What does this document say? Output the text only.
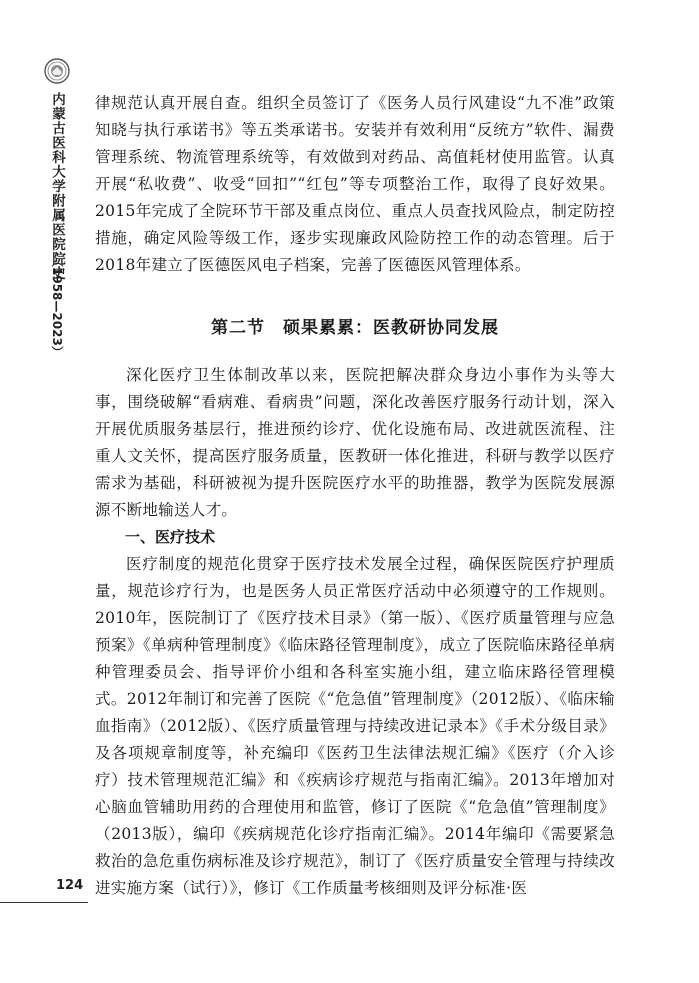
内蒙古医科大学附属医院院史
（1958—2023）
124

律规范认真开展自查。组织全员签订了《医务人员行风建设“九不准”政策知晓与执行承诺书》等五类承诺书。安装并有效利用“反统方”软件、漏费管理系统、物流管理系统等，有效做到对药品、高值耗材使用监管。认真开展“私收费”、收受“回扣”“红包”等专项整治工作，取得了良好效果。2015年完成了全院环节干部及重点岗位、重点人员查找风险点，制定防控措施，确定风险等级工作，逐步实现廉政风险防控工作的动态管理。后于2018年建立了医德医风电子档案，完善了医德医风管理体系。

第二节　硕果累累：医教研协同发展

深化医疗卫生体制改革以来，医院把解决群众身边小事作为头等大事，围绕破解“看病难、看病贵”问题，深化改善医疗服务行动计划，深入开展优质服务基层行，推进预约诊疗、优化设施布局、改进就医流程、注重人文关怀，提高医疗服务质量，医教研一体化推进，科研与教学以医疗需求为基础，科研被视为提升医院医疗水平的助推器，教学为医院发展源源不断地输送人才。

一、医疗技术

医疗制度的规范化贯穿于医疗技术发展全过程，确保医院医疗护理质量，规范诊疗行为，也是医务人员正常医疗活动中必须遵守的工作规则。2010年，医院制订了《医疗技术目录》（第一版）、《医疗质量管理与应急预案》《单病种管理制度》《临床路径管理制度》，成立了医院临床路径单病种管理委员会、指导评价小组和各科室实施小组，建立临床路径管理模式。2012年制订和完善了医院《“危急值”管理制度》（2012版）、《临床输血指南》（2012版）、《医疗质量管理与持续改进记录本》《手术分级目录》及各项规章制度等，补充编印《医药卫生法律法规汇编》《医疗（介入诊疗）技术管理规范汇编》和《疾病诊疗规范与指南汇编》。2013年增加对心脑血管辅助用药的合理使用和监管，修订了医院《“危急值”管理制度》（2013版），编印《疾病规范化诊疗指南汇编》。2014年编印《需要紧急救治的急危重伤病标准及诊疗规范》，制订了《医疗质量安全管理与持续改进实施方案（试行）》，修订《工作质量考核细则及评分标准·医
